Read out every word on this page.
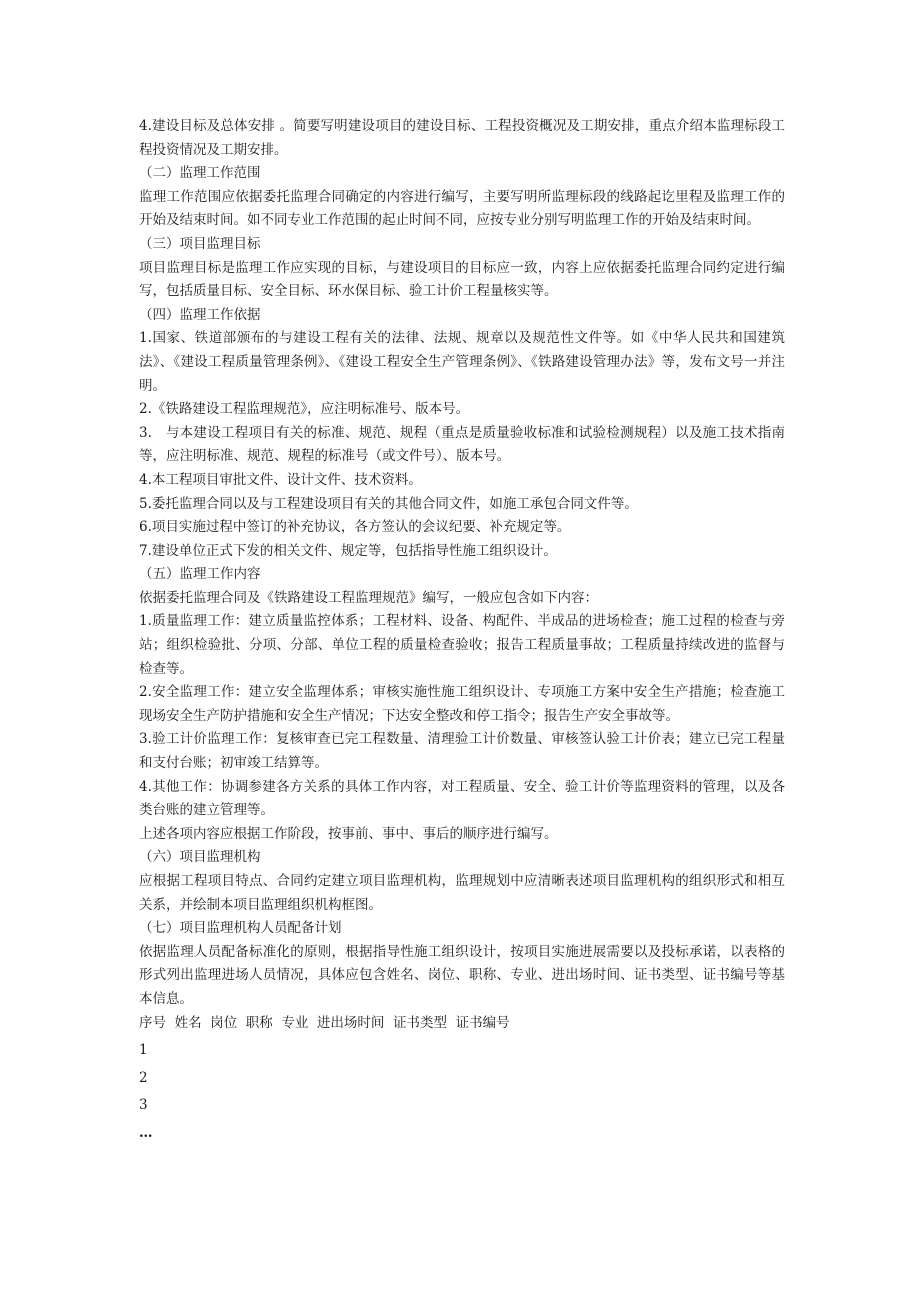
4.建设目标及总体安排 。简要写明建设项目的建设目标、工程投资概况及工期安排，重点介绍本监理标段工程投资情况及工期安排。

（二）监理工作范围

监理工作范围应依据委托监理合同确定的内容进行编写，主要写明所监理标段的线路起讫里程及监理工作的开始及结束时间。如不同专业工作范围的起止时间不同，应按专业分别写明监理工作的开始及结束时间。

（三）项目监理目标

项目监理目标是监理工作应实现的目标，与建设项目的目标应一致，内容上应依据委托监理合同约定进行编写，包括质量目标、安全目标、环水保目标、验工计价工程量核实等。

（四）监理工作依据

1.国家、铁道部颁布的与建设工程有关的法律、法规、规章以及规范性文件等。如《中华人民共和国建筑法》、《建设工程质量管理条例》、《建设工程安全生产管理条例》、《铁路建设管理办法》等，发布文号一并注明。

2.《铁路建设工程监理规范》，应注明标准号、版本号。

3.　与本建设工程项目有关的标准、规范、规程（重点是质量验收标准和试验检测规程）以及施工技术指南等，应注明标准、规范、规程的标准号（或文件号）、版本号。

4.本工程项目审批文件、设计文件、技术资料。

5.委托监理合同以及与工程建设项目有关的其他合同文件，如施工承包合同文件等。

6.项目实施过程中签订的补充协议，各方签认的会议纪要、补充规定等。

7.建设单位正式下发的相关文件、规定等，包括指导性施工组织设计。

（五）监理工作内容

依据委托监理合同及《铁路建设工程监理规范》编写，一般应包含如下内容：

1.质量监理工作：建立质量监控体系；工程材料、设备、构配件、半成品的进场检查；施工过程的检查与旁站；组织检验批、分项、分部、单位工程的质量检查验收；报告工程质量事故；工程质量持续改进的监督与检查等。

2.安全监理工作：建立安全监理体系；审核实施性施工组织设计、专项施工方案中安全生产措施；检查施工现场安全生产防护措施和安全生产情况；下达安全整改和停工指令；报告生产安全事故等。

3.验工计价监理工作：复核审查已完工程数量、清理验工计价数量、审核签认验工计价表；建立已完工程量和支付台账；初审竣工结算等。

4.其他工作：协调参建各方关系的具体工作内容，对工程质量、安全、验工计价等监理资料的管理，以及各类台账的建立管理等。

上述各项内容应根据工作阶段，按事前、事中、事后的顺序进行编写。

（六）项目监理机构

应根据工程项目特点、合同约定建立项目监理机构，监理规划中应清晰表述项目监理机构的组织形式和相互关系，并绘制本项目监理组织机构框图。

（七）项目监理机构人员配备计划

依据监理人员配备标准化的原则，根据指导性施工组织设计，按项目实施进展需要以及投标承诺，以表格的形式列出监理进场人员情况，具体应包含姓名、岗位、职称、专业、进出场时间、证书类型、证书编号等基本信息。

序号  姓名  岗位  职称  专业  进出场时间  证书类型  证书编号

1

2

3

…
